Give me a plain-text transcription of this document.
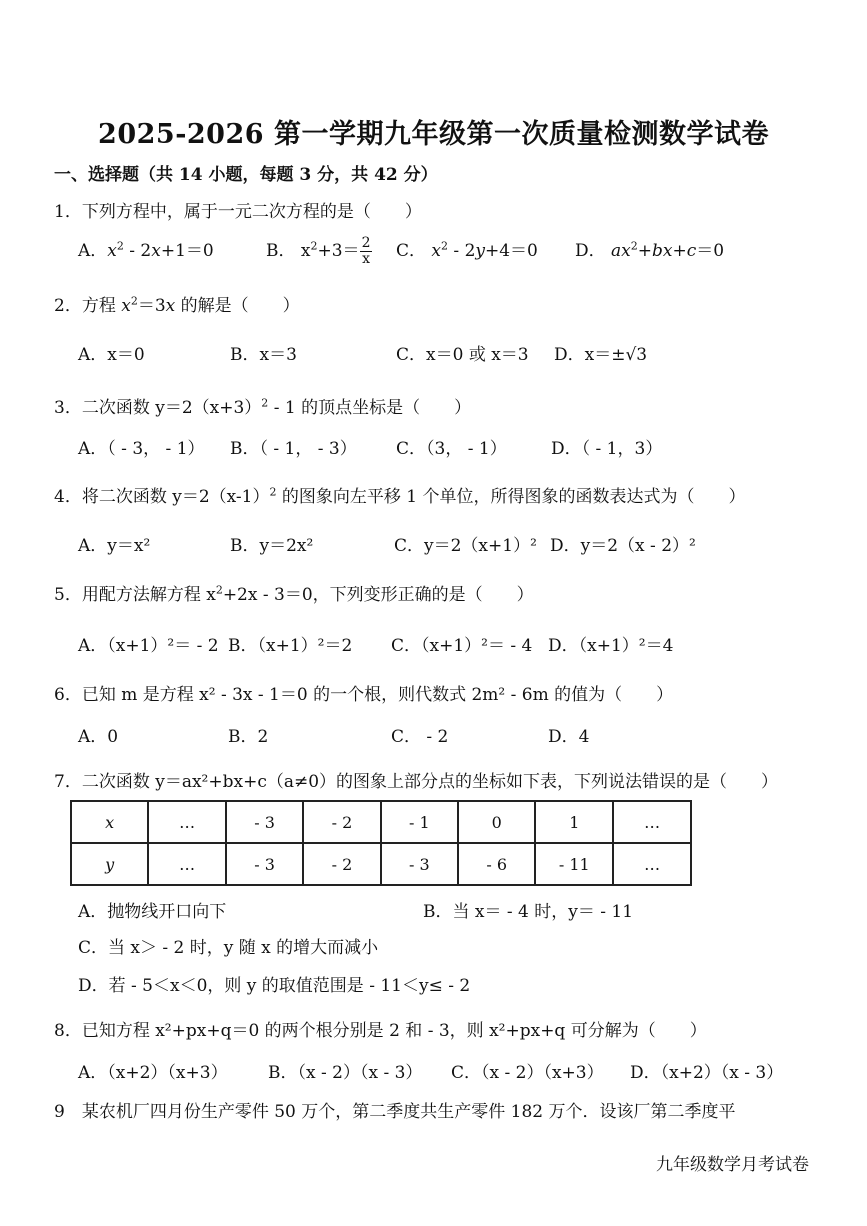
2025-2026 第一学期九年级第一次质量检测数学试卷
一、选择题（共 14 小题，每题 3 分，共 42 分）
1．下列方程中，属于一元二次方程的是（　　）
A．$x^2 - 2x+1=0$	B． $x^2+3= \frac{2}{x}$ C． $x^2 - 2y+4=0$ D． $ax^2+bx+c=0$
2．方程 $x^2=3x$ 的解是（　　）
A．x＝0	B．x＝3	C．x＝0 或 x＝3 D．x＝±√3
3．二次函数 $y=2(x+3)^2 - 1$ 的顶点坐标是（　　）
A．（ - 3， - 1） B．（ - 1， - 3） C．（3， - 1）	D．（ - 1，3）
4．将二次函数 $y=2(x-1)^2$ 的图象向左平移 1 个单位，所得图象的函数表达式为（　　）
A．y＝x²	B．y＝2x²	C．y＝2（x+1）² D．y＝2（x - 2）²
5．用配方法解方程 $x^2+2x - 3=0$，下列变形正确的是（　　）
A．（x+1）²＝ - 2 B．（x+1）²＝2 C．（x+1）²＝ - 4 D．（x+1）²＝4
6．已知 m 是方程 x² - 3x - 1＝0 的一个根，则代数式 2m² - 6m 的值为（　　）
A．0	B．2	C． - 2	D．4
7．二次函数 y＝ax²+bx+c（a≠0）的图象上部分点的坐标如下表，下列说法错误的是（　　）
x	…	- 3	- 2	- 1	0	1	…
y	…	- 3	- 2	- 3	- 6	- 11	…
A．抛物线开口向下	B．当 x＝ - 4 时，y＝ - 11
C．当 x＞ - 2 时，y 随 x 的增大而减小
D．若 - 5＜x＜0，则 y 的取值范围是 - 11＜y≤ - 2
8．已知方程 x²+px+q＝0 的两个根分别是 2 和 - 3，则 x²+px+q 可分解为（　　）
A．（x+2）（x+3） B．（x - 2）（x - 3） C．（x - 2）（x+3） D．（x+2）（x - 3）
9　某农机厂四月份生产零件 50 万个，第二季度共生产零件 182 万个．设该厂第二季度平
九年级数学月考试卷
